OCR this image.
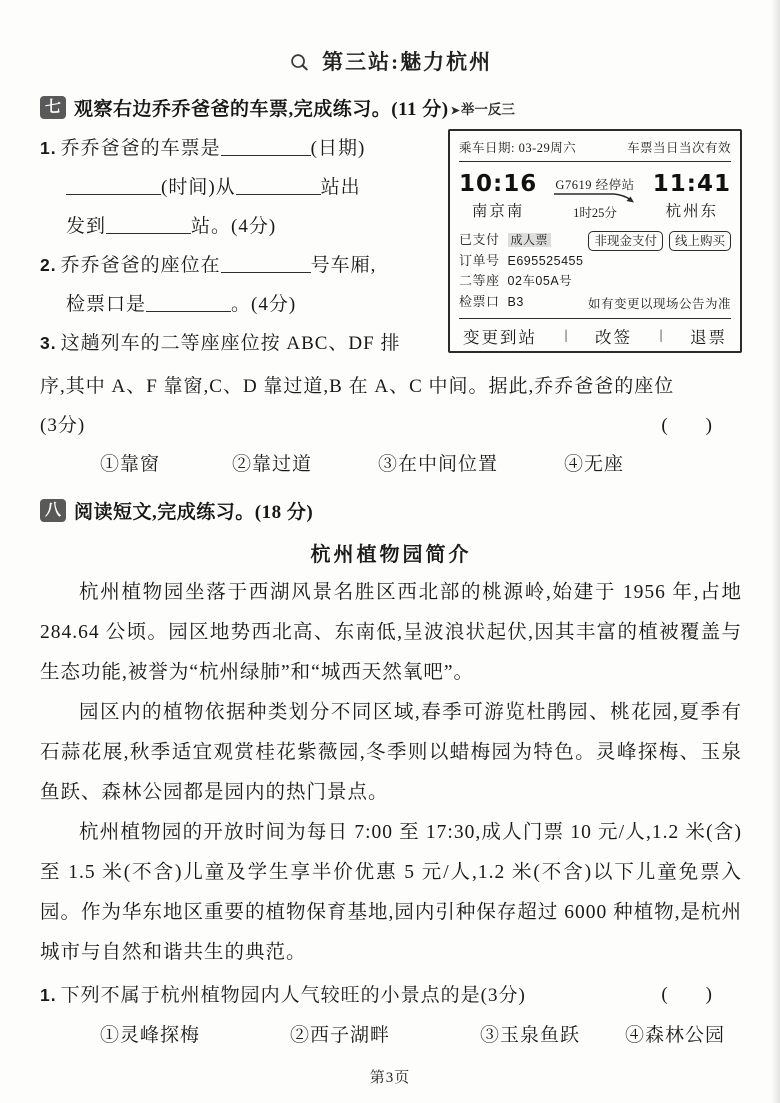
第三站:魅力杭州
七 观察右边乔乔爸爸的车票,完成练习。(11 分) ➤举一反三
1. 乔乔爸爸的车票是	(日期)
(时间)从	站出
发到	站。(4分)
2. 乔乔爸爸的座位在	号车厢,
检票口是	。(4分)
3. 这趟列车的二等座座位按 ABC、DF 排
乘车日期: 03-29周六	车票当日当次有效
10:16
南京南
G7619 经停站
1时25分
11:41
杭州东
已支付 成人票
订单号 E695525455
二等座 02车05A号
检票口 B3
非现金支付	线上购买
如有变更以现场公告为准
变更到站 | 改签 | 退票
序,其中 A、F 靠窗,C、D 靠过道,B 在 A、C 中间。据此,乔乔爸爸的座位
(3分)	(        )
①靠窗	②靠过道	③在中间位置	④无座
八 阅读短文,完成练习。(18 分)
杭州植物园简介

杭州植物园坐落于西湖风景名胜区西北部的桃源岭,始建于 1956 年,占地 284.64 公顷。园区地势西北高、东南低,呈波浪状起伏,因其丰富的植被覆盖与生态功能,被誉为“杭州绿肺”和“城西天然氧吧”。

园区内的植物依据种类划分不同区域,春季可游览杜鹃园、桃花园,夏季有石蒜花展,秋季适宜观赏桂花紫薇园,冬季则以蜡梅园为特色。灵峰探梅、玉泉鱼跃、森林公园都是园内的热门景点。

杭州植物园的开放时间为每日 7:00 至 17:30,成人门票 10 元/人,1.2 米(含)至 1.5 米(不含)儿童及学生享半价优惠 5 元/人,1.2 米(不含)以下儿童免票入园。作为华东地区重要的植物保育基地,园内引种保存超过 6000 种植物,是杭州城市与自然和谐共生的典范。

1. 下列不属于杭州植物园内人气较旺的小景点的是(3分)	(        )
①灵峰探梅	②西子湖畔	③玉泉鱼跃	④森林公园
第3页
